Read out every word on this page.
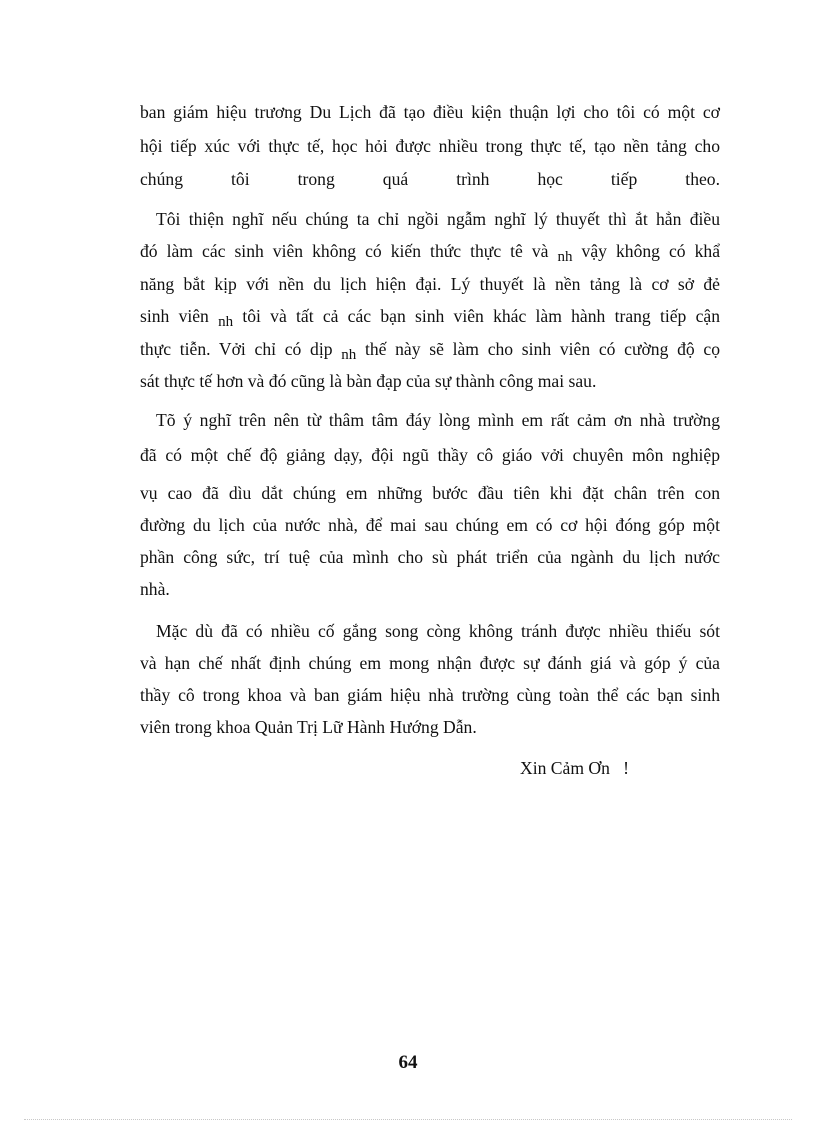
ban giám hiệu trương Du Lịch đã tạo điều kiện thuận lợi cho tôi có một cơ
hội tiếp xúc với thực tế, học hỏi được nhiều trong thực tế, tạo nền tảng cho
chúng tôi trong quá trình học tiếp theo.
Tôi thiện nghĩ nếu chúng ta chỉ ngồi ngẫm nghĩ lý thuyết thì ắt hẳn điều
đó làm các sinh viên không có kiến thức thực tê và nh vậy không có khẩ
năng bắt kịp với nền du lịch hiện đại. Lý thuyết là nền tảng là cơ sở đẻ
sinh viên nh tôi và tất cả các bạn sinh viên khác làm hành trang tiếp cận
thực tiễn. Vởi chỉ có dịp nh thế này sẽ làm cho sinh viên có cường độ cọ
sát thực tế hơn và đó cũng là bàn đạp của sự thành công mai sau.
Tõ ý nghĩ trên nên từ thâm tâm đáy lòng mình em rất cảm ơn nhà trường
đã có một chế độ giảng dạy, đội ngũ thầy cô giáo vởi chuyên môn nghiệp
vụ cao đã dìu dắt chúng em những bước đầu tiên khi đặt chân trên con
đường du lịch của nước nhà, để mai sau chúng em có cơ hội đóng góp một
phần công sức, trí tuệ của mình cho sù phát triển của ngành du lịch nước
nhà.
Mặc dù đã có nhiều cố gắng song còng không tránh được nhiều thiếu sót
và hạn chế nhất định chúng em mong nhận được sự đánh giá và góp ý của
thầy cô trong khoa và ban giám hiệu nhà trường cùng toàn thể các bạn sinh
viên trong khoa Quản Trị Lữ Hành Hướng Dẫn.
Xin Cảm Ơn   !
64
